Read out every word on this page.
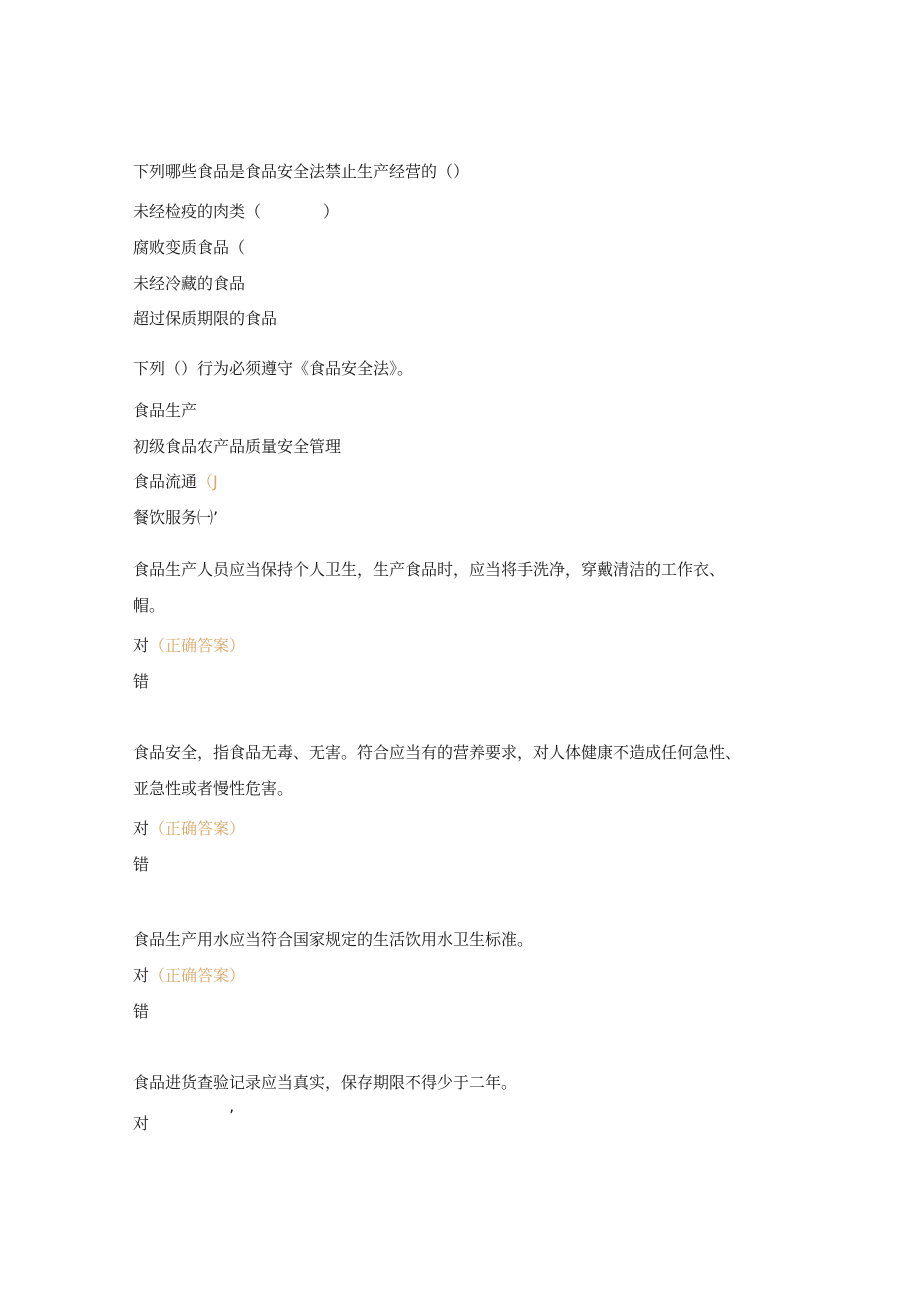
下列哪些食品是食品安全法禁止生产经营的（）
未经检疫的肉类（	）
腐败变质食品（
未经冷藏的食品
超过保质期限的食品
下列（）行为必须遵守《食品安全法》。
食品生产
初级食品农产品质量安全管理
食品流通（J
餐饮服务㈠’
食品生产人员应当保持个人卫生，生产食品时，应当将手洗净，穿戴清洁的工作衣、
帽。
对（正确答案）
错
食品安全，指食品无毒、无害。符合应当有的营养要求，对人体健康不造成任何急性、
亚急性或者慢性危害。
对（正确答案）
错
食品生产用水应当符合国家规定的生活饮用水卫生标准。
对（正确答案）
错
食品进货查验记录应当真实，保存期限不得少于二年。
对	’
